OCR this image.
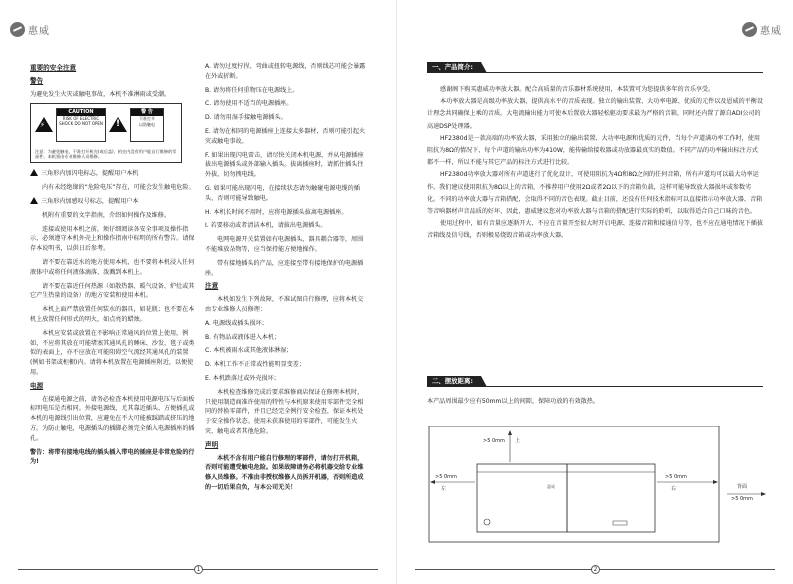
惠威
重要的安全注意
警告

为避免发生火灾或触电事故，本机不准淋雨或受潮。

⚡
CAUTION
RISK OF ELECTRIC SHOCK DO NOT OPEN
!
警 告
不准打开
以防触电
注意：为避免触电，不准打开机壳(或后盖)，机壳内没有用户能自行维修的零部件，本机须由专业维修人员维修。

三角形内加闪电标志，提醒用户本机

内有未经绝缘的“危险电压”存在，可能会发生触电危险。

三角形内加感叹号标志，提醒用户本

机附有重要的文字指南，介绍如何操作及维修。

连接或使用本机之前，须仔细阅读各安全事项及操作指示，必须遵守本机外壳上和操作指南中标明的所有警告。请保存本说明书，以供日后参考。

请不要在靠近水的地方使用本机，也不要将本机浸入任何液体中或将任何液体滴落、泼溅到本机上。

请不要在靠近任何热源（如散热器、暖气设备、炉灶或其它产生热量的设备）的地方安装和使用本机。

本机上面严禁放置任何装水的器具，如花瓶；也不要在本机上放置任何形式的明火，如点亮的蜡烛。

本机应安装或放置在不影响正常通风的位置上使用，例如，不应将其放在可能堵塞其通风孔的睡床、沙发、毯子或类似的表面上，亦不应放在可能阻碍空气流经其通风孔的装置(例如书架或柜橱)内。请将本机放置在电源插座附近，以便使用。

电源

在接通电源之前，请务必检查本机使用电源电压与后面板标明电压是否相同。外接电源线，尤其靠近插头、方便插孔或本机的电源线引出位置，应避免在不大可能被踩踏或挤压的地方。为防止触电，电源插头的插脚必须完全插入电源插座的插孔。

警告：将带有接地电线的插头插入带电的插座是非常危险的行为!

A. 请勿过度拧捏、弯曲或扭转电源线，否则线芯可能会暴露在外或折断。

B. 请勿将任何重物压在电源线上。

C. 请勿使用不适当的电源插座。

D. 请勿用湿手接触电源插头。

E. 请勿在相同的电源插座上连接太多器材，否则可能引起火灾或触电事故。

F. 如果出现闪电雷击，请尽快关闭本机电源，并从电源插座拔出电源插头或外部输入插头。拔离插座时，请抓住插头往外拔，切勿拽电线。

G. 如果可能出现闪电，在接续状态请勿触碰电源电缆的插头，否则可能导致触电。

H. 本机长时间不用时，应将电源插头拔离电源插座。

I. 若要移动或者清洁本机，请拔出电源插头。

电网电源开关装置如有电源插头、器具耦合器等，周围不能堆放杂物等，应当保持能方便地操作。

带有接地插头的产品，应连接至带有接地保护的电源插座。

注意

本机如发生下列故障，不准试图自行修理，应将本机交由专业维修人员修理：

A. 电源线或插头损坏；

B. 有物品或液体进入本机；

C. 本机被雨水或其他液体淋湿；

D. 本机工作不正常或性能明显变差；

E. 本机跌落过或外壳损坏；

本机检查维修完成后要求维修商店保证在修理本机时，只使用制造商准许使用的特性与本机原来使用零部件完全相同的替换零部件，并且已经完全例行安全检查，保证本机处于安全操作状态。使用未获准使用的零部件，可能发生火灾、触电或者其他危险。

声明

本机不含有用户能自行修理的零部件，请勿打开机箱，否则可能遭受触电危险。如果故障请务必将机器交给专业维修人员维修。不准由非授权维修人员拆开机器，否则所造成的一切后果自负，与本公司无关！

1
惠威
一、产品简介:

感谢阁下购买惠威功率放大器。配合高质量的音乐器材系统使用，本装置可为您提供多年的音乐享受。

本功率放大器是高级功率放大器，提供高水平的音质表现。独立的输出装置、大功率电源、优质的元件以及恩威的平衡设计理念共同确保上乘的音质。大电流输出能力可使本后置放大器轻松驱动要求最为严格的音箱，同时还内置了源自ADI公司的高速DSP处理器。

HF2380d是一款高端的功率放大器，采用独立的输出装置、大功率电源和优质的元件，当每个声道满功率工作时，使用阻抗为8Ω的情况下，每个声道的输出功率为410W，能传输给接收器或功放器最真实的数值。不同产品的功率输出标注方式都不一样，所以不能与其它产品的标注方式进行比较。

HF2380d功率放大器对所有声道进行了优化设计，可使用阻抗为4Ω和8Ω之间的任何音箱，所有声道均可以最大功率运作。我们建议使用阻抗为8Ω以上的音箱，不推荐用户使用2Ω或者2Ω以下的音箱负载，这样可能导致放大器损坏或参数劣化。不同的功率放大器与音箱搭配，会取得不同的音色表现。截止目前，还没有任何技术指标可以直接指示功率放大器、音箱等音响器材声音品质的好坏，因此，惠威建议您对功率放大器与音箱的搭配进行实际的聆听，以取得适合自己口味的音色。

使用过程中，如有音量应逐渐开大，不应在音量开至很大时开启电源、连接音箱和接通信号等，也不应在通电情况下插拔音箱线及信号线，否则极易烧毁音箱或功率放大器。

二、摆放距离:
本产品周围最少应有50mm以上的间隙，保障功放的有效散热。
>5 0mm 上
>5 0mm
左
>5 0mm
右	背面
>5 0mm
惠威
2
